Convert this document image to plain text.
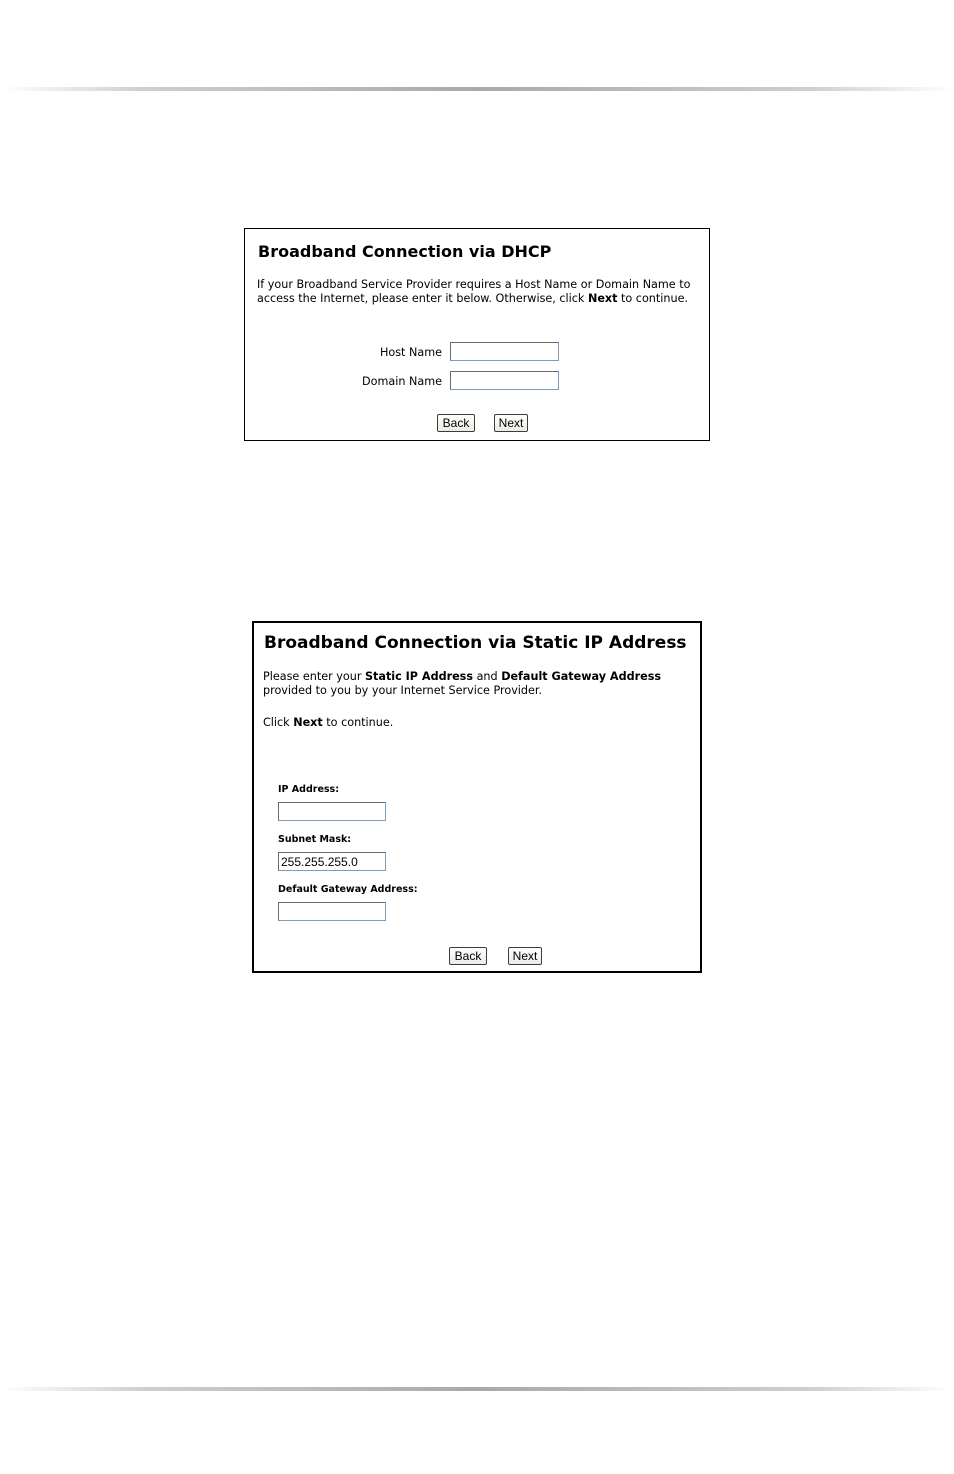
Broadband Connection via DHCP
If your Broadband Service Provider requires a Host Name or Domain Name to access the Internet, please enter it below. Otherwise, click Next to continue.
Host Name
Domain Name
Back	Next
Broadband Connection via Static IP Address
Please enter your Static IP Address and Default Gateway Address provided to you by your Internet Service Provider.
Click Next to continue.
IP Address:
Subnet Mask:
255.255.255.0
Default Gateway Address:
Back	Next
